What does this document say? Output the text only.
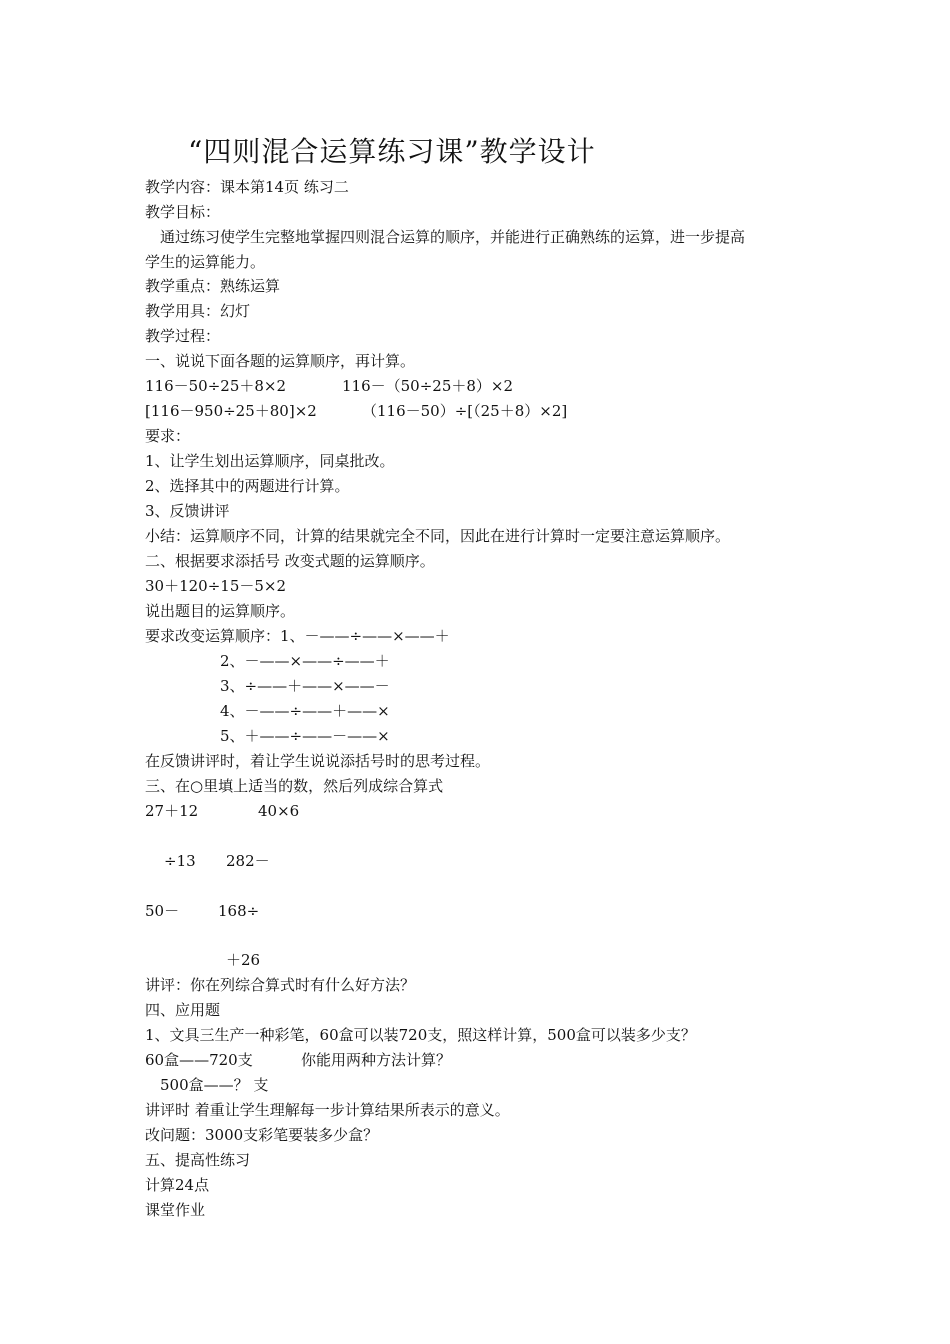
“四则混合运算练习课”教学设计
教学内容：课本第14页 练习二
教学目标：
通过练习使学生完整地掌握四则混合运算的顺序，并能进行正确熟练的运算，进一步提高
学生的运算能力。
教学重点：熟练运算
教学用具：幻灯
教学过程：
一、说说下面各题的运算顺序，再计算。
116－50÷25＋8×2	116－（50÷25＋8）×2
[116－950÷25＋80]×2	（116－50）÷[（25＋8）×2]
要求：
1、让学生划出运算顺序，同桌批改。
2、选择其中的两题进行计算。
3、反馈讲评
小结：运算顺序不同，计算的结果就完全不同，因此在进行计算时一定要注意运算顺序。
二、根据要求添括号 改变式题的运算顺序。
30＋120÷15－5×2
说出题目的运算顺序。
要求改变运算顺序：1、－——÷——×——＋
2、－——×——÷——＋
3、÷——＋——×——－
4、－——÷——＋——×
5、＋——÷——－——×
在反馈讲评时，着让学生说说添括号时的思考过程。
三、在○里填上适当的数，然后列成综合算式
27＋12	40×6
÷13 282－
50－	168÷
＋26
讲评：你在列综合算式时有什么好方法？
四、应用题
1、文具三生产一种彩笔，60盒可以装720支，照这样计算，500盒可以装多少支？
60盒——720支	你能用两种方法计算？
500盒——？ 支
讲评时 着重让学生理解每一步计算结果所表示的意义。
改问题：3000支彩笔要装多少盒？
五、提高性练习
计算24点
课堂作业
